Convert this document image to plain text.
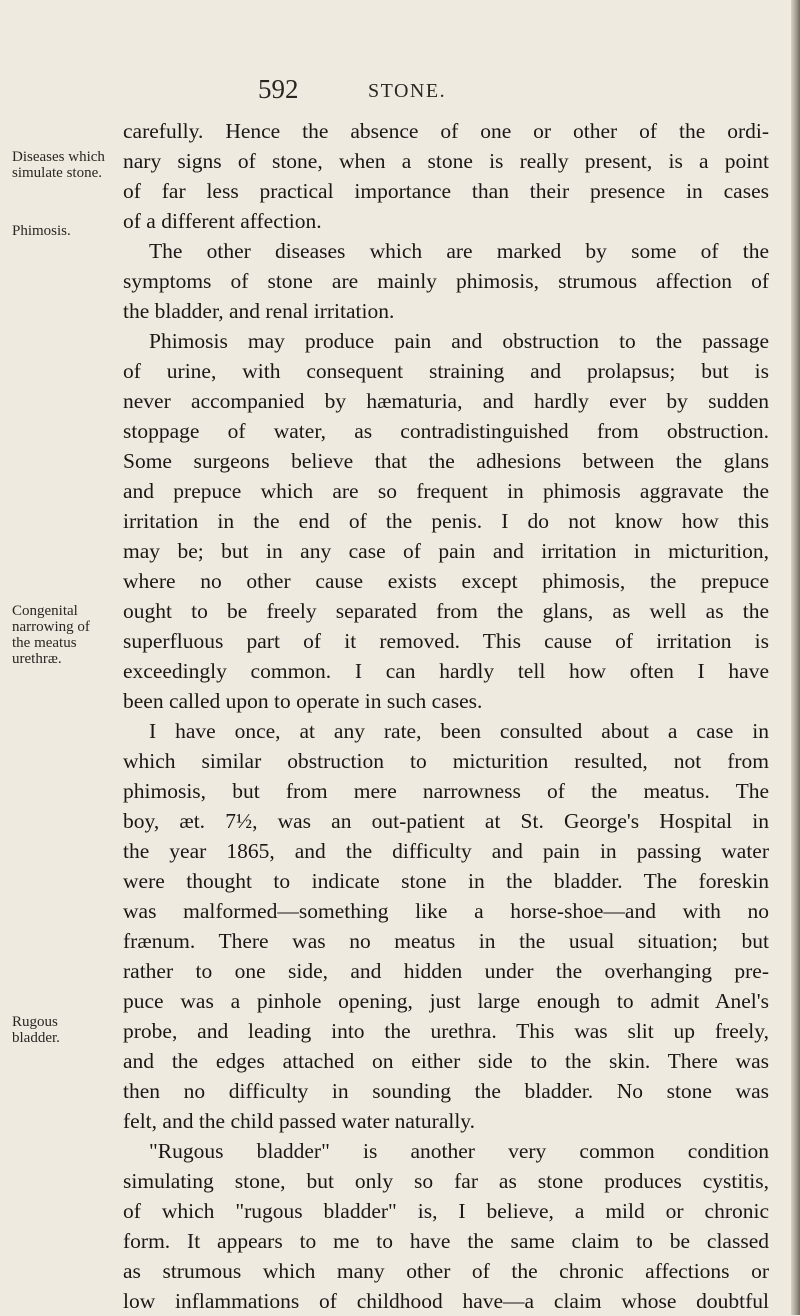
592	STONE.
Diseases which simulate stone.
Phimosis.
Congenital narrowing of the meatus urethræ.
Rugous bladder.
carefully. Hence the absence of one or other of the ordi-
nary signs of stone, when a stone is really present, is a point
of far less practical importance than their presence in cases
of a different affection.
The other diseases which are marked by some of the
symptoms of stone are mainly phimosis, strumous affection of
the bladder, and renal irritation.
Phimosis may produce pain and obstruction to the passage
of urine, with consequent straining and prolapsus; but is
never accompanied by hæmaturia, and hardly ever by sudden
stoppage of water, as contradistinguished from obstruction.
Some surgeons believe that the adhesions between the glans
and prepuce which are so frequent in phimosis aggravate the
irritation in the end of the penis. I do not know how this
may be; but in any case of pain and irritation in micturition,
where no other cause exists except phimosis, the prepuce
ought to be freely separated from the glans, as well as the
superfluous part of it removed. This cause of irritation is
exceedingly common. I can hardly tell how often I have
been called upon to operate in such cases.
I have once, at any rate, been consulted about a case in
which similar obstruction to micturition resulted, not from
phimosis, but from mere narrowness of the meatus. The
boy, æt. 7½, was an out-patient at St. George's Hospital in
the year 1865, and the difficulty and pain in passing water
were thought to indicate stone in the bladder. The foreskin
was malformed—something like a horse-shoe—and with no
frænum. There was no meatus in the usual situation; but
rather to one side, and hidden under the overhanging pre-
puce was a pinhole opening, just large enough to admit Anel's
probe, and leading into the urethra. This was slit up freely,
and the edges attached on either side to the skin. There was
then no difficulty in sounding the bladder. No stone was
felt, and the child passed water naturally.
"Rugous bladder" is another very common condition
simulating stone, but only so far as stone produces cystitis,
of which "rugous bladder" is, I believe, a mild or chronic
form. It appears to me to have the same claim to be classed
as strumous which many other of the chronic affections or
low inflammations of childhood have—a claim whose doubtful
